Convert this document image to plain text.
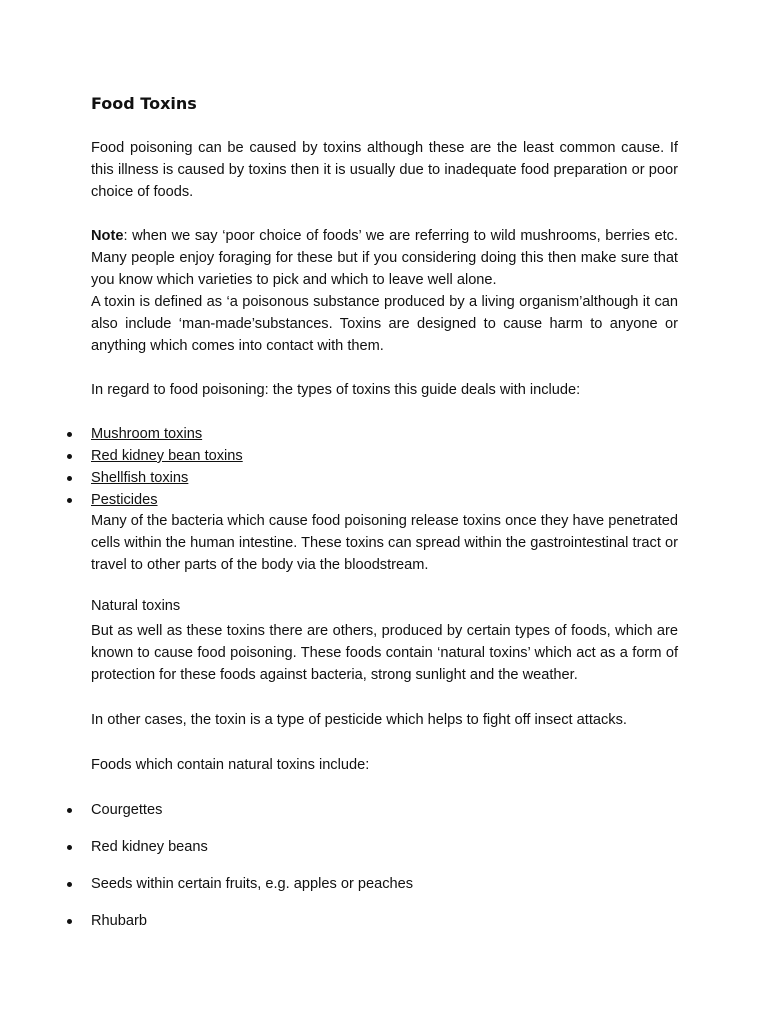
Food Toxins

Food poisoning can be caused by toxins although these are the least common cause. If this illness is caused by toxins then it is usually due to inadequate food preparation or poor choice of foods.

Note: when we say ‘poor choice of foods’ we are referring to wild mushrooms, berries etc. Many people enjoy foraging for these but if you considering doing this then make sure that you know which varieties to pick and which to leave well alone.

A toxin is defined as ‘a poisonous substance produced by a living organism’although it can also include ‘man-made’substances. Toxins are designed to cause harm to anyone or anything which comes into contact with them.

In regard to food poisoning: the types of toxins this guide deals with include:

Mushroom toxins
Red kidney bean toxins
Shellfish toxins
Pesticides

Many of the bacteria which cause food poisoning release toxins once they have penetrated cells within the human intestine. These toxins can spread within the gastrointestinal tract or travel to other parts of the body via the bloodstream.

Natural toxins

But as well as these toxins there are others, produced by certain types of foods, which are known to cause food poisoning. These foods contain ‘natural toxins’ which act as a form of protection for these foods against bacteria, strong sunlight and the weather.

In other cases, the toxin is a type of pesticide which helps to fight off insect attacks.

Foods which contain natural toxins include:

Courgettes
Red kidney beans
Seeds within certain fruits, e.g. apples or peaches
Rhubarb
